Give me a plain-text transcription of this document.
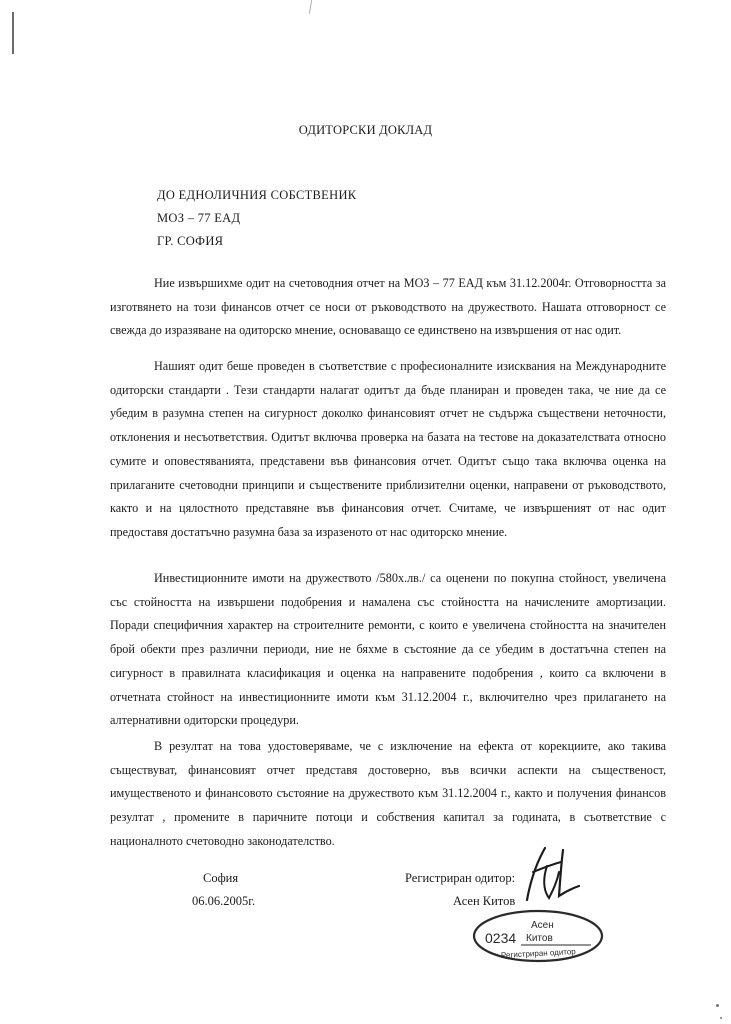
ОДИТОРСКИ ДОКЛАД
ДО ЕДНОЛИЧНИЯ СОБСТВЕНИК
МОЗ – 77 ЕАД
ГР. СОФИЯ
Ние извършихме одит на счетоводния отчет на МОЗ – 77 ЕАД към 31.12.2004г. Отговорността за изготвянето на този финансов отчет се носи от ръководството на дружеството. Нашата отговорност се свежда до изразяване на одиторско мнение, основаващо се единствено на извършения от нас одит.
Нашият одит беше проведен в съответствие с професионалните изисквания на Международните одиторски стандарти . Тези стандарти налагат одитът да бъде планиран и проведен така, че ние да се убедим в разумна степен на сигурност доколко финансовият отчет не съдържа съществени неточности, отклонения и несъответствия. Одитът включва проверка на базата на тестове на доказателствата относно сумите и оповестяванията, представени във финансовия отчет. Одитът също така включва оценка на прилаганите счетоводни принципи и съществените приблизителни оценки, направени от ръководството, както и на цялостното представяне във финансовия отчет. Считаме, че извършеният от нас одит предоставя достатъчно разумна база за изразеното от нас одиторско мнение.
Инвестиционните имоти на дружеството /580х.лв./ са оценени по покупна стойност, увеличена със стойността на извършени подобрения и намалена със стойността на начислените амортизации. Поради специфичния характер на строителните ремонти, с които е увеличена стойността на значителен брой обекти през различни периоди, ние не бяхме в състояние да се убедим в достатъчна степен на сигурност в правилната класификация и оценка на направените подобрения , които са включени в отчетната стойност на инвестиционните имоти към 31.12.2004 г., включително чрез прилагането на алтернативни одиторски процедури.
В резултат на това удостоверяваме, че с изключение на ефекта от корекциите, ако такива съществуват, финансовият отчет представя достоверно, във всички аспекти на същественост, имущественото и финансовото състояние на дружеството към 31.12.2004 г., както и получения финансов резултат , промените в паричните потоци и собствения капитал за годината, в съответствие с националното счетоводно законодателство.
София
06.06.2005г.
Регистриран одитор:
Асен Китов
0234
Асен
Китов
Регистриран одитор
